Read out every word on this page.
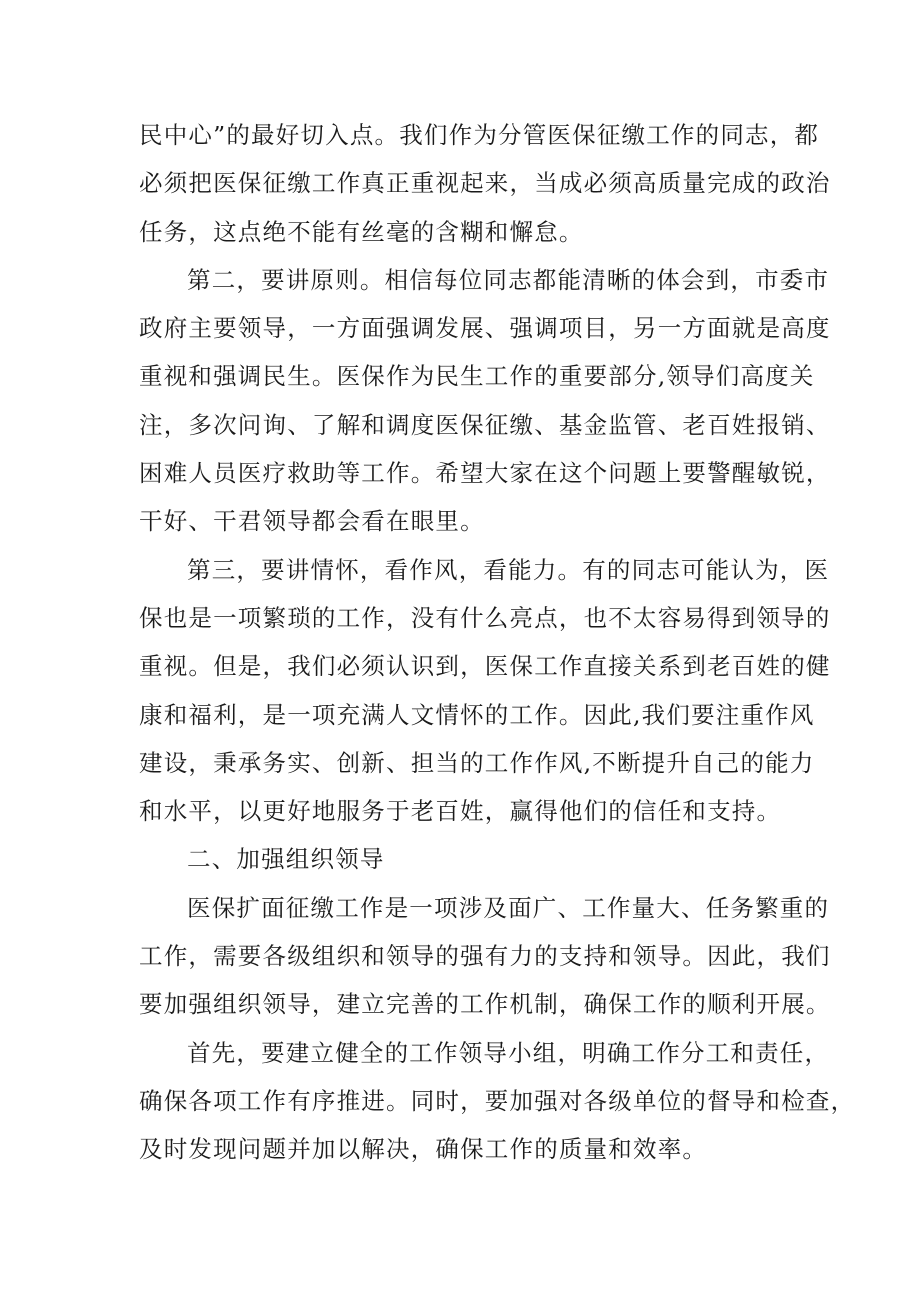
民中心”的最好切入点。我们作为分管医保征缴工作的同志，都
必须把医保征缴工作真正重视起来，当成必须高质量完成的政治
任务，这点绝不能有丝毫的含糊和懈怠。
第二，要讲原则。相信每位同志都能清晰的体会到，市委市
政府主要领导，一方面强调发展、强调项目，另一方面就是高度
重视和强调民生。医保作为民生工作的重要部分,领导们高度关
注，多次问询、了解和调度医保征缴、基金监管、老百姓报销、
困难人员医疗救助等工作。希望大家在这个问题上要警醒敏锐，
干好、干君领导都会看在眼里。
第三，要讲情怀，看作风，看能力。有的同志可能认为，医
保也是一项繁琐的工作，没有什么亮点，也不太容易得到领导的
重视。但是，我们必须认识到，医保工作直接关系到老百姓的健
康和福利，是一项充满人文情怀的工作。因此,我们要注重作风
建设，秉承务实、创新、担当的工作作风,不断提升自己的能力
和水平，以更好地服务于老百姓，赢得他们的信任和支持。
二、加强组织领导
医保扩面征缴工作是一项涉及面广、工作量大、任务繁重的
工作，需要各级组织和领导的强有力的支持和领导。因此，我们
要加强组织领导，建立完善的工作机制，确保工作的顺利开展。
首先，要建立健全的工作领导小组，明确工作分工和责任，
确保各项工作有序推进。同时，要加强对各级单位的督导和检查，
及时发现问题并加以解决，确保工作的质量和效率。
